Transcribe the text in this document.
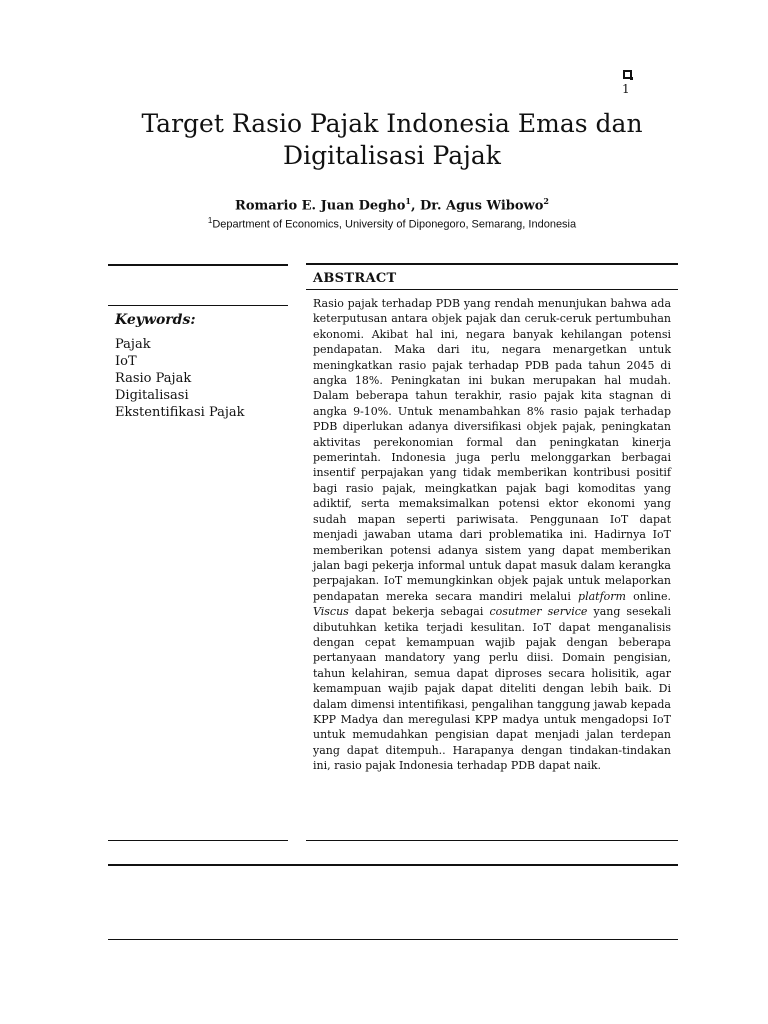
1
Target Rasio Pajak Indonesia Emas dan Digitalisasi Pajak
Romario E. Juan Degho$^1$, Dr. Agus Wibowo$^2$
$^1$Department of Economics, University of Diponegoro, Semarang, Indonesia
Keywords:
Pajak
IoT
Rasio Pajak
Digitalisasi
Ekstentifikasi Pajak
ABSTRACT

Rasio pajak terhadap PDB yang rendah menunjukan bahwa ada keterputusan antara objek pajak dan ceruk-ceruk pertumbuhan ekonomi. Akibat hal ini, negara banyak kehilangan potensi pendapatan. Maka dari itu, negara menargetkan untuk meningkatkan rasio pajak terhadap PDB pada tahun 2045 di angka 18%. Peningkatan ini bukan merupakan hal mudah. Dalam beberapa tahun terakhir, rasio pajak kita stagnan di angka 9-10%. Untuk menambahkan 8% rasio pajak terhadap PDB diperlukan adanya diversifikasi objek pajak, peningkatan aktivitas perekonomian formal dan peningkatan kinerja pemerintah. Indonesia juga perlu melonggarkan berbagai insentif perpajakan yang tidak memberikan kontribusi positif bagi rasio pajak, meingkatkan pajak bagi komoditas yang adiktif, serta memaksimalkan potensi ektor ekonomi yang sudah mapan seperti pariwisata. Penggunaan IoT dapat menjadi jawaban utama dari problematika ini. Hadirnya IoT memberikan potensi adanya sistem yang dapat memberikan jalan bagi pekerja informal untuk dapat masuk dalam kerangka perpajakan. IoT memungkinkan objek pajak untuk melaporkan pendapatan mereka secara mandiri melalui platform online. Viscus dapat bekerja sebagai cosutmer service yang sesekali dibutuhkan ketika terjadi kesulitan. IoT dapat menganalisis dengan cepat kemampuan wajib pajak dengan beberapa pertanyaan mandatory yang perlu diisi. Domain pengisian, tahun kelahiran, semua dapat diproses secara holisitik, agar kemampuan wajib pajak dapat diteliti dengan lebih baik. Di dalam dimensi intentifikasi, pengalihan tanggung jawab kepada KPP Madya dan meregulasi KPP madya untuk mengadopsi IoT untuk memudahkan pengisian dapat menjadi jalan terdepan yang dapat ditempuh.. Harapanya dengan tindakan-tindakan ini, rasio pajak Indonesia terhadap PDB dapat naik.
